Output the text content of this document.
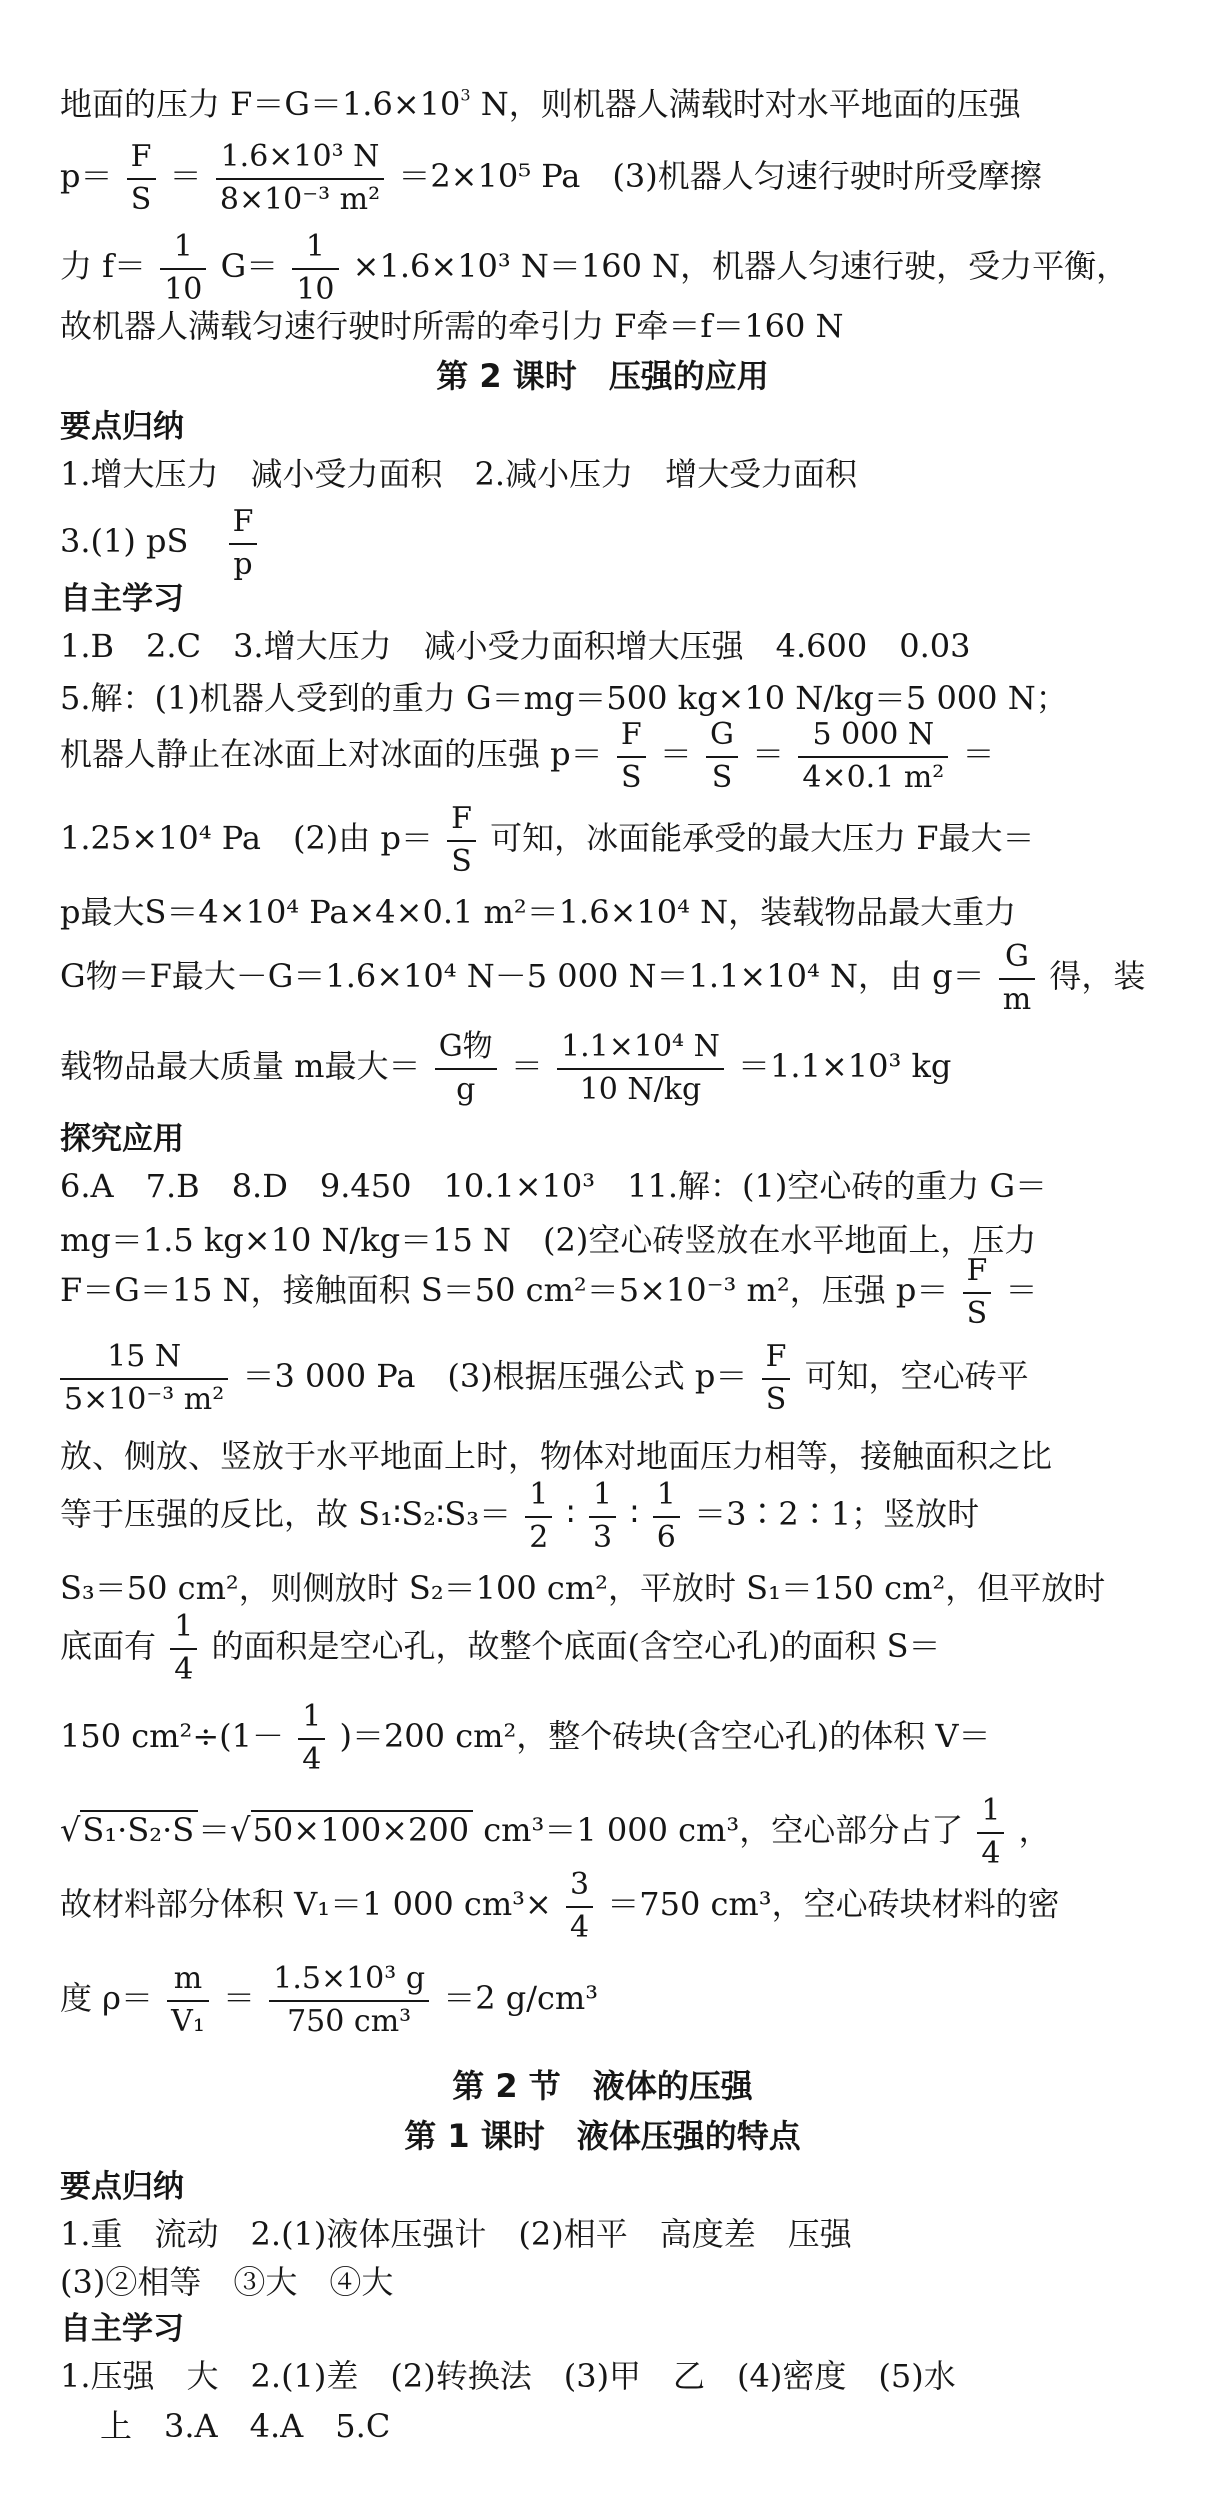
地面的压力 $F=G=1.6\times 10^3$ N，则机器人满载时对水平地面的压强
$p= \frac{F}{S} = \frac{\text{1.6×10³ N}}{\text{8×10⁻³ m²}} =2\times 10^5$ Pa　(3)机器人匀速行驶时所受摩擦
力 $f= \frac{1}{10} G= \frac{1}{10} \times 1.6\times 10^3$ N＝160 N，机器人匀速行驶，受力平衡，
故机器人满载匀速行驶时所需的牵引力 F牵＝f＝160 N
第 2 课时　压强的应用
要点归纳
1.增大压力　减小受力面积　2.减小压力　增大受力面积
3.(1) pS $\frac{F}{p}$
自主学习
1.B　2.C　3.增大压力　减小受力面积增大压强　4.600　0.03
5.解：(1)机器人受到的重力 G＝mg＝500 kg×10 N/kg＝5 000 N；
机器人静止在冰面上对冰面的压强 $p= \frac{F}{S} = \frac{G}{S} = \frac{5 000 N}{\text{4×0.1 m²}}$ ＝
1.25×10⁴ Pa　(2)由 $p= \frac{F}{S}$ 可知，冰面能承受的最大压力 F最大＝
p最大S＝4×10⁴ Pa×4×0.1 m²＝1.6×10⁴ N，装载物品最大重力
G物＝F最大－G＝1.6×10⁴ N－5 000 N＝1.1×10⁴ N，由 $g= \frac{G}{m}$ 得，装
载物品最大质量 m最大＝
G物
g
＝ $\frac{\text{1.1×10⁴ N}}{10 N/kg} =1.1\times 10^3$ kg
探究应用
6.A　7.B　8.D　9.450　10.1×10³　11.解：(1)空心砖的重力 G＝
mg＝1.5 kg×10 N/kg＝15 N　(2)空心砖竖放在水平地面上，压力
F＝G＝15 N，接触面积 S＝50 cm²＝5×10⁻³ m²，压强 $p= \frac{F}{S}$ ＝
$\frac{15 N}{\text{5×10⁻³ m²}} =3$ 000 Pa　(3)根据压强公式 $p= \frac{F}{S}$ 可知，空心砖平
放、侧放、竖放于水平地面上时，物体对地面压力相等，接触面积之比
等于压强的反比，故 S₁∶S₂∶S₃＝ $\frac{1}{2}$ ∶ $\frac{1}{3}$ ∶ $\frac{1}{6}$ ＝3∶2∶1；竖放时
S₃＝50 cm²，则侧放时 S₂＝100 cm²，平放时 S₁＝150 cm²，但平放时
底面有 $\frac{1}{4}$ 的面积是空心孔，故整个底面(含空心孔)的面积 S＝
150 $cm^2\div(1- \frac{1}{4} )=200$ cm²，整个砖块(含空心孔)的体积 V＝
√S₁·S₂·S ＝√50×100×200 cm³＝1 000 cm³，空心部分占了 $\frac{1}{4}$ ，
故材料部分体积 V₁＝1 000 $cm^3\times \frac{3}{4} =750$ cm³，空心砖块材料的密
度 $\rho= \frac{m}{\text{V₁}} = \frac{\text{1.5×10³ g}}{\text{750 cm³}} =2$ g/cm³
第 2 节　液体的压强
第 1 课时　液体压强的特点
要点归纳
1.重　流动　2.(1)液体压强计　(2)相平　高度差　压强
(3)②相等　③大　④大
自主学习
1.压强　大　2.(1)差　(2)转换法　(3)甲　乙　(4)密度　(5)水
上　3.A　4.A　5.C
